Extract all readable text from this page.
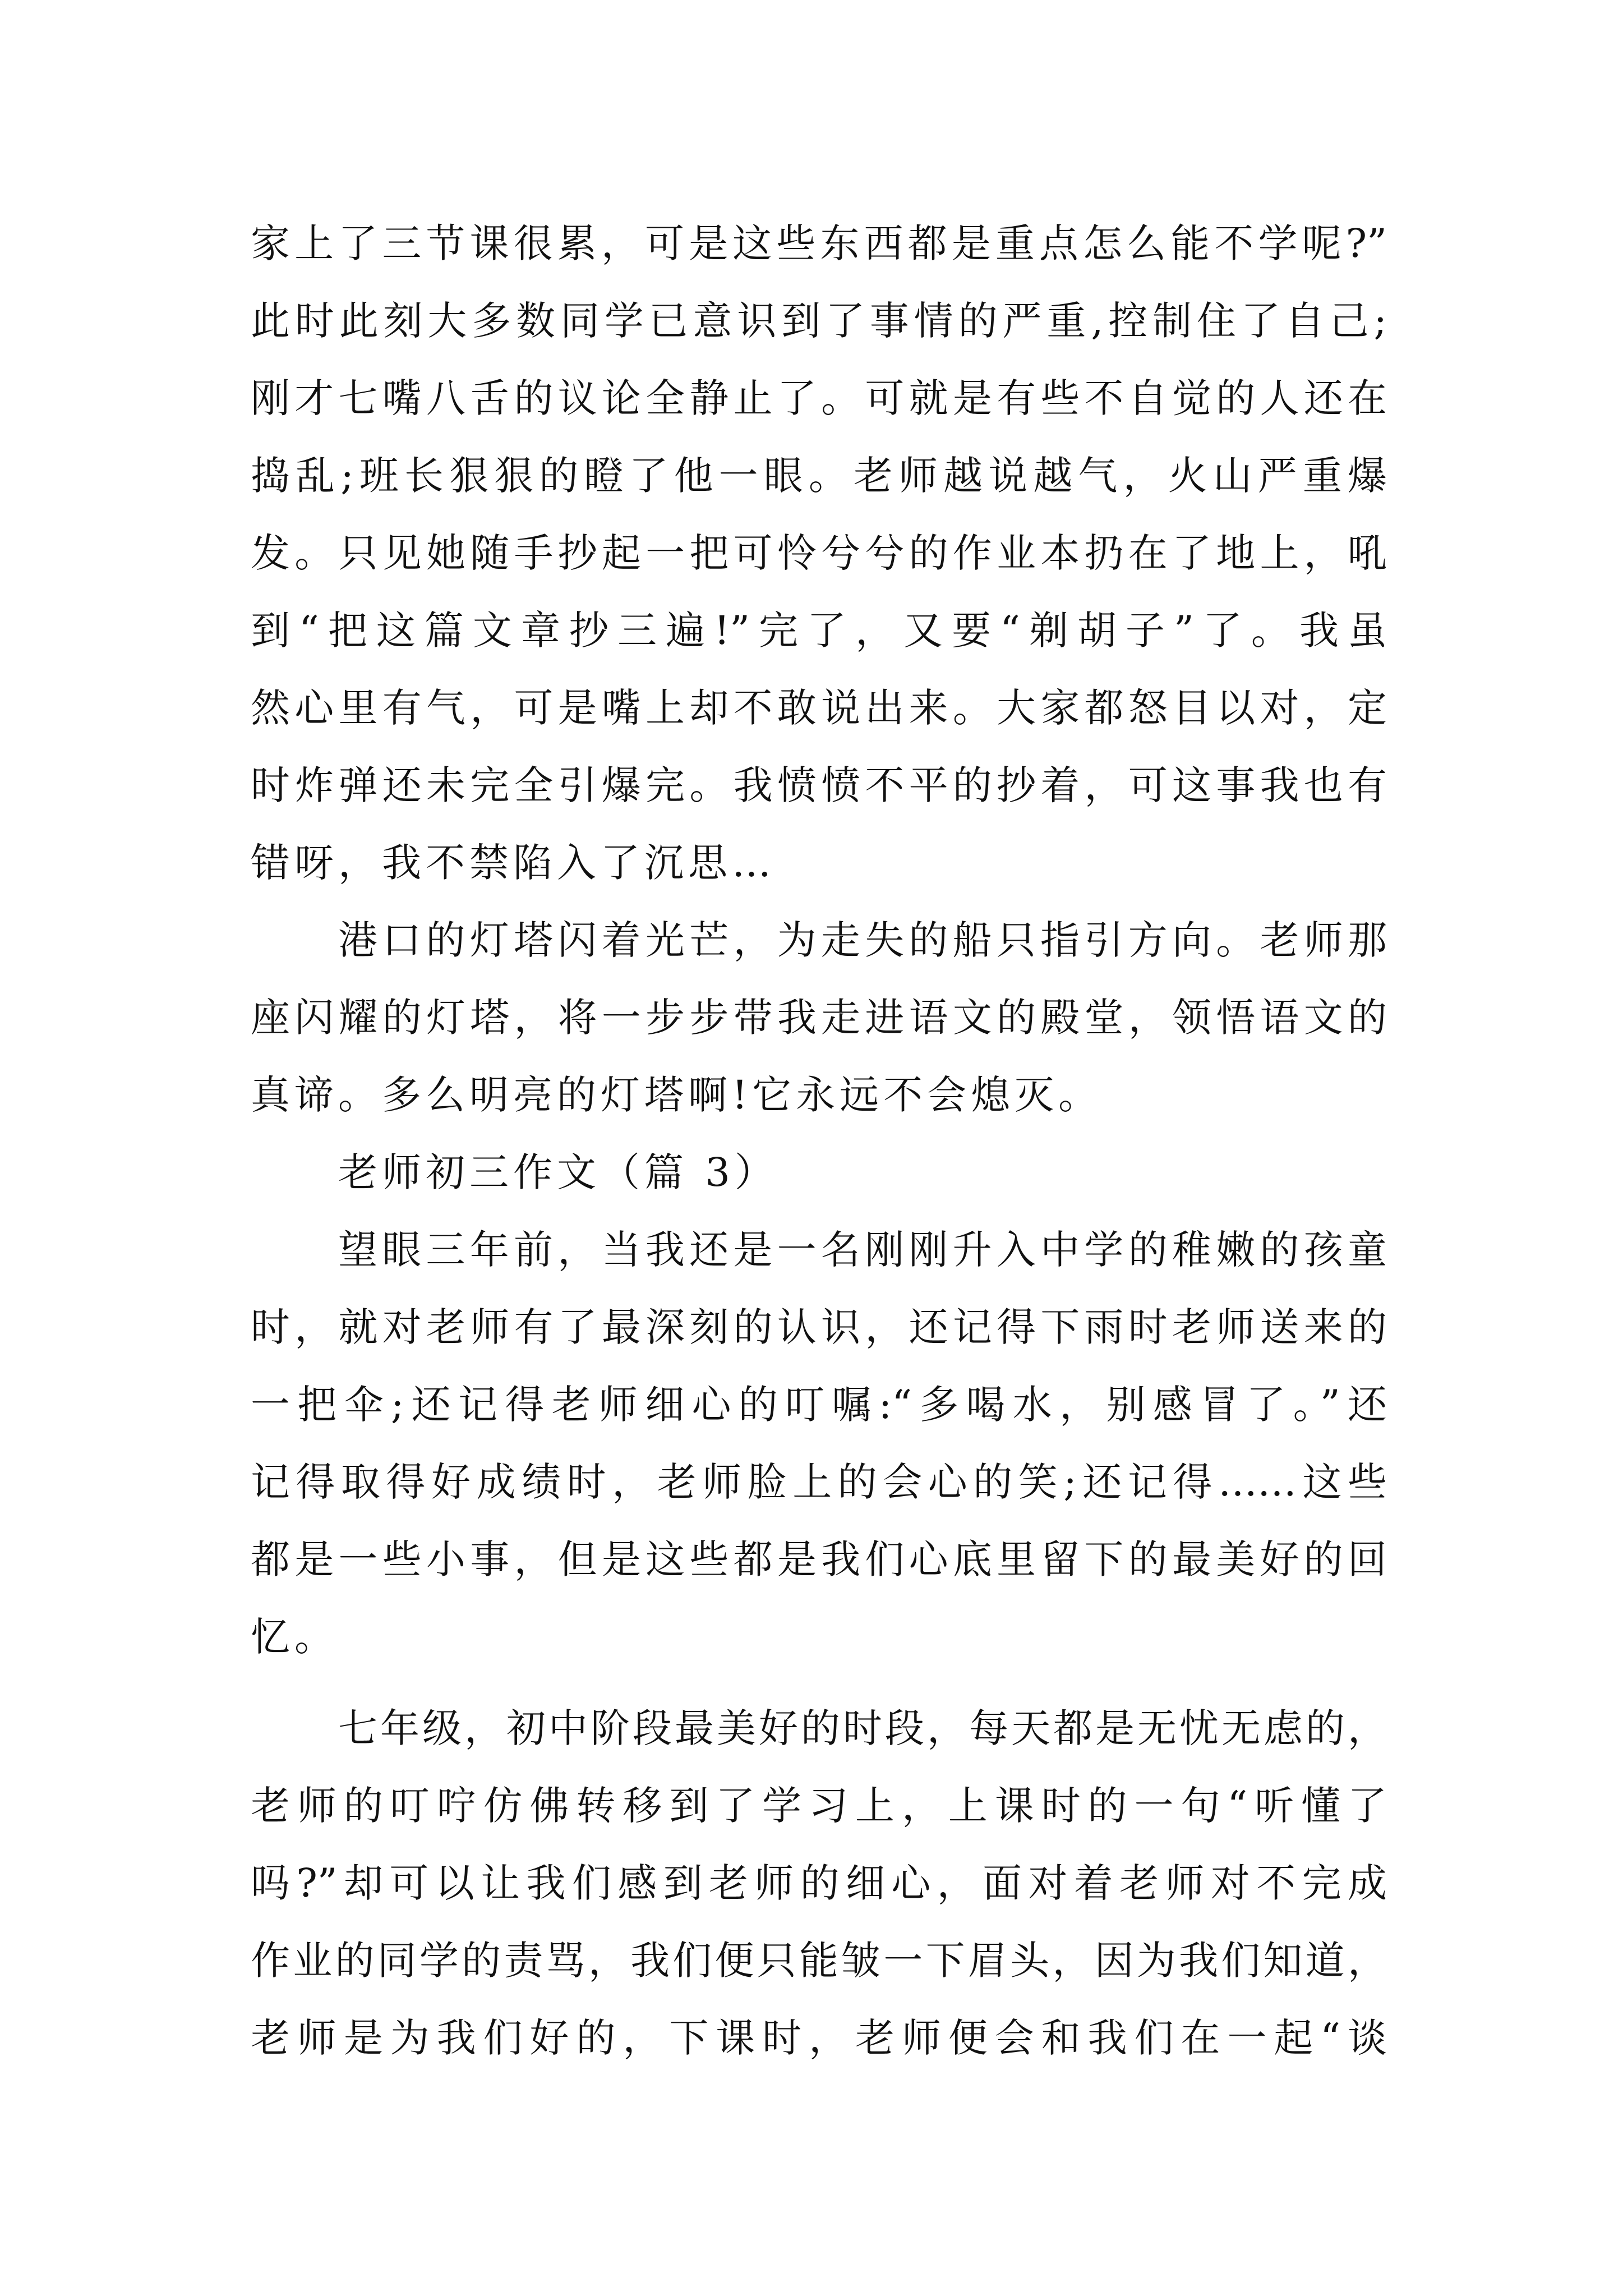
家上了三节课很累，可是这些东西都是重点怎么能不学呢?”
此时此刻大多数同学已意识到了事情的严重,控制住了自己;
刚才七嘴八舌的议论全静止了。可就是有些不自觉的人还在
捣乱;班长狠狠的瞪了他一眼。老师越说越气，火山严重爆
发。只见她随手抄起一把可怜兮兮的作业本扔在了地上，吼
到“把这篇文章抄三遍!”完了，又要“剃胡子”了。我虽
然心里有气，可是嘴上却不敢说出来。大家都怒目以对，定
时炸弹还未完全引爆完。我愤愤不平的抄着，可这事我也有
错呀，我不禁陷入了沉思…
港口的灯塔闪着光芒，为走失的船只指引方向。老师那
座闪耀的灯塔，将一步步带我走进语文的殿堂，领悟语文的
真谛。多么明亮的灯塔啊!它永远不会熄灭。
老师初三作文（篇 3）
望眼三年前，当我还是一名刚刚升入中学的稚嫩的孩童
时，就对老师有了最深刻的认识，还记得下雨时老师送来的
一把伞;还记得老师细心的叮嘱:“多喝水，别感冒了。”还
记得取得好成绩时，老师脸上的会心的笑;还记得……这些
都是一些小事，但是这些都是我们心底里留下的最美好的回
忆。
七年级，初中阶段最美好的时段，每天都是无忧无虑的，
老师的叮咛仿佛转移到了学习上，上课时的一句“听懂了
吗?”却可以让我们感到老师的细心，面对着老师对不完成
作业的同学的责骂，我们便只能皱一下眉头，因为我们知道，
老师是为我们好的，下课时，老师便会和我们在一起“谈
